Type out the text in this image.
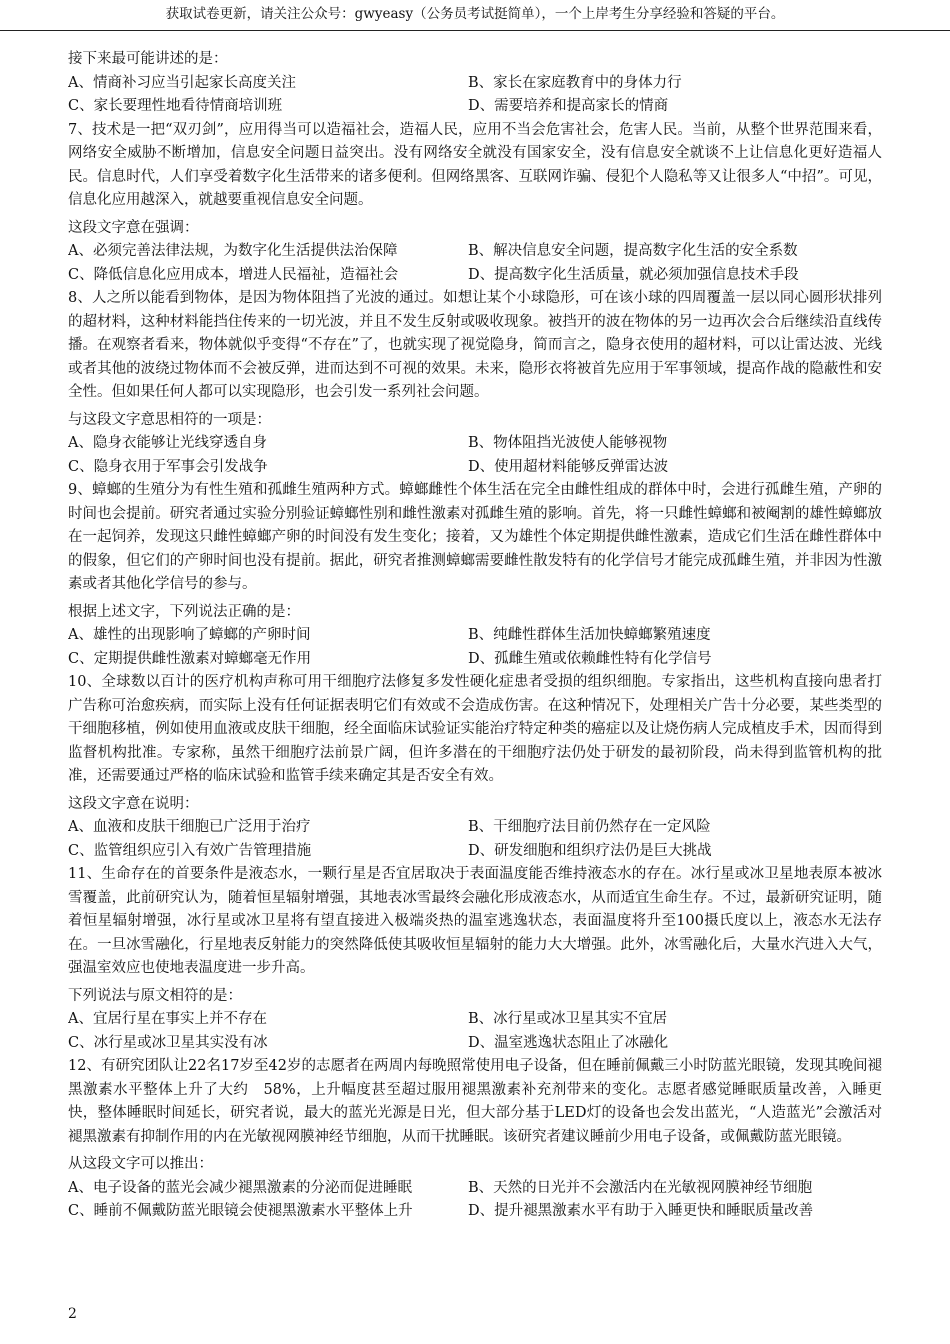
获取试卷更新，请关注公众号：gwyeasy（公务员考试挺简单），一个上岸考生分享经验和答疑的平台。

接下来最可能讲述的是：

A、情商补习应当引起家长高度关注	B、家长在家庭教育中的身体力行
C、家长要理性地看待情商培训班	D、需要培养和提高家长的情商

7、技术是一把“双刃剑”，应用得当可以造福社会，造福人民，应用不当会危害社会，危害人民。当前，从整个世界范围来看，网络安全威胁不断增加，信息安全问题日益突出。没有网络安全就没有国家安全，没有信息安全就谈不上让信息化更好造福人民。信息时代，人们享受着数字化生活带来的诸多便利。但网络黑客、互联网诈骗、侵犯个人隐私等又让很多人“中招”。可见，信息化应用越深入，就越要重视信息安全问题。

这段文字意在强调：

A、必须完善法律法规，为数字化生活提供法治保障	B、解决信息安全问题，提高数字化生活的安全系数
C、降低信息化应用成本，增进人民福祉，造福社会	D、提高数字化生活质量，就必须加强信息技术手段

8、人之所以能看到物体，是因为物体阻挡了光波的通过。如想让某个小球隐形，可在该小球的四周覆盖一层以同心圆形状排列的超材料，这种材料能挡住传来的一切光波，并且不发生反射或吸收现象。被挡开的波在物体的另一边再次会合后继续沿直线传播。在观察者看来，物体就似乎变得“不存在”了，也就实现了视觉隐身，简而言之，隐身衣使用的超材料，可以让雷达波、光线或者其他的波绕过物体而不会被反弹，进而达到不可视的效果。未来，隐形衣将被首先应用于军事领域，提高作战的隐蔽性和安全性。但如果任何人都可以实现隐形，也会引发一系列社会问题。

与这段文字意思相符的一项是：

A、隐身衣能够让光线穿透自身	B、物体阻挡光波使人能够视物
C、隐身衣用于军事会引发战争	D、使用超材料能够反弹雷达波

9、蟑螂的生殖分为有性生殖和孤雌生殖两种方式。蟑螂雌性个体生活在完全由雌性组成的群体中时，会进行孤雌生殖，产卵的时间也会提前。研究者通过实验分别验证蟑螂性别和雌性激素对孤雌生殖的影响。首先，将一只雌性蟑螂和被阉割的雄性蟑螂放在一起饲养，发现这只雌性蟑螂产卵的时间没有发生变化；接着，又为雄性个体定期提供雌性激素，造成它们生活在雌性群体中的假象，但它们的产卵时间也没有提前。据此，研究者推测蟑螂需要雌性散发特有的化学信号才能完成孤雌生殖，并非因为性激素或者其他化学信号的参与。

根据上述文字，下列说法正确的是：

A、雄性的出现影响了蟑螂的产卵时间	B、纯雌性群体生活加快蟑螂繁殖速度
C、定期提供雌性激素对蟑螂毫无作用	D、孤雌生殖或依赖雌性特有化学信号

10、全球数以百计的医疗机构声称可用干细胞疗法修复多发性硬化症患者受损的组织细胞。专家指出，这些机构直接向患者打广告称可治愈疾病，而实际上没有任何证据表明它们有效或不会造成伤害。在这种情况下，处理相关广告十分必要，某些类型的干细胞移植，例如使用血液或皮肤干细胞，经全面临床试验证实能治疗特定种类的癌症以及让烧伤病人完成植皮手术，因而得到监督机构批准。专家称，虽然干细胞疗法前景广阔，但许多潜在的干细胞疗法仍处于研发的最初阶段，尚未得到监管机构的批准，还需要通过严格的临床试验和监管手续来确定其是否安全有效。

这段文字意在说明：

A、血液和皮肤干细胞已广泛用于治疗	B、干细胞疗法目前仍然存在一定风险
C、监管组织应引入有效广告管理措施	D、研发细胞和组织疗法仍是巨大挑战

11、生命存在的首要条件是液态水，一颗行星是否宜居取决于表面温度能否维持液态水的存在。冰行星或冰卫星地表原本被冰雪覆盖，此前研究认为，随着恒星辐射增强，其地表冰雪最终会融化形成液态水，从而适宜生命生存。不过，最新研究证明，随着恒星辐射增强，冰行星或冰卫星将有望直接进入极端炎热的温室逃逸状态，表面温度将升至100摄氏度以上，液态水无法存在。一旦冰雪融化，行星地表反射能力的突然降低使其吸收恒星辐射的能力大大增强。此外，冰雪融化后，大量水汽进入大气，强温室效应也使地表温度进一步升高。

下列说法与原文相符的是：

A、宜居行星在事实上并不存在	B、冰行星或冰卫星其实不宜居
C、冰行星或冰卫星其实没有冰	D、温室逃逸状态阻止了冰融化

12、有研究团队让22名17岁至42岁的志愿者在两周内每晚照常使用电子设备，但在睡前佩戴三小时防蓝光眼镜，发现其晚间褪黑激素水平整体上升了大约　58%，上升幅度甚至超过服用褪黑激素补充剂带来的变化。志愿者感觉睡眠质量改善，入睡更快，整体睡眠时间延长，研究者说，最大的蓝光光源是日光，但大部分基于LED灯的设备也会发出蓝光，“人造蓝光”会激活对褪黑激素有抑制作用的内在光敏视网膜神经节细胞，从而干扰睡眠。该研究者建议睡前少用电子设备，或佩戴防蓝光眼镜。

从这段文字可以推出：

A、电子设备的蓝光会减少褪黑激素的分泌而促进睡眠	B、天然的日光并不会激活内在光敏视网膜神经节细胞
C、睡前不佩戴防蓝光眼镜会使褪黑激素水平整体上升	D、提升褪黑激素水平有助于入睡更快和睡眠质量改善
2
